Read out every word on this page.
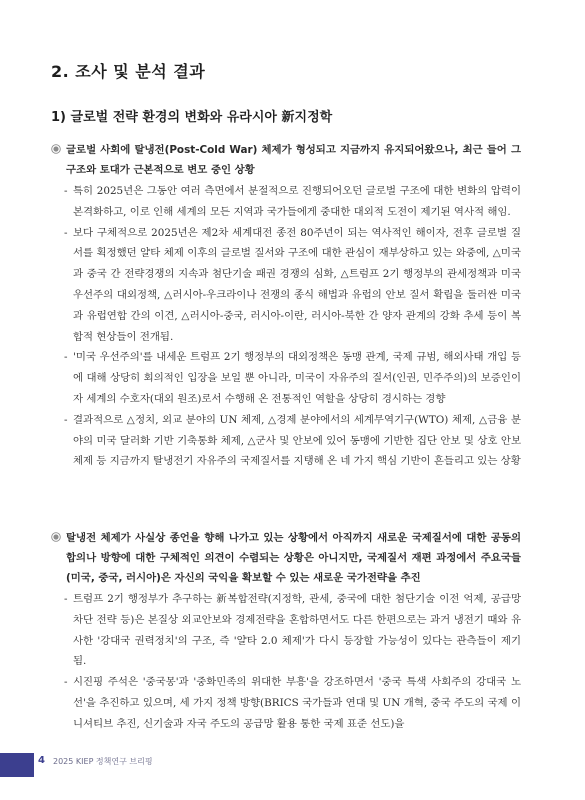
2. 조사 및 분석 결과
1) 글로벌 전략 환경의 변화와 유라시아 新지정학
글로벌 사회에 탈냉전(Post-Cold War) 체제가 형성되고 지금까지 유지되어왔으나, 최근 들어 그 구조와 토대가 근본적으로 변모 중인 상황
- 특히 2025년은 그동안 여러 측면에서 분절적으로 진행되어오던 글로벌 구조에 대한 변화의 압력이 본격화하고, 이로 인해 세계의 모든 지역과 국가들에게 중대한 대외적 도전이 제기된 역사적 해임.
- 보다 구체적으로 2025년은 제2차 세계대전 종전 80주년이 되는 역사적인 해이자, 전후 글로벌 질서를 획정했던 얄타 체제 이후의 글로벌 질서와 구조에 대한 관심이 재부상하고 있는 와중에, △미국과 중국 간 전략경쟁의 지속과 첨단기술 패권 경쟁의 심화, △트럼프 2기 행정부의 관세정책과 미국 우선주의 대외정책, △러시아-우크라이나 전쟁의 종식 해법과 유럽의 안보 질서 확립을 둘러싼 미국과 유럽연합 간의 이견, △러시아-중국, 러시아-이란, 러시아-북한 간 양자 관계의 강화 추세 등이 복합적 현상들이 전개됨.
- '미국 우선주의'를 내세운 트럼프 2기 행정부의 대외정책은 동맹 관계, 국제 규범, 해외사태 개입 등에 대해 상당히 회의적인 입장을 보일 뿐 아니라, 미국이 자유주의 질서(인권, 민주주의)의 보증인이자 세계의 수호자(대외 원조)로서 수행해 온 전통적인 역할을 상당히 경시하는 경향
- 결과적으로 △정치, 외교 분야의 UN 체제, △경제 분야에서의 세계무역기구(WTO) 체제, △금융 분야의 미국 달러화 기반 기축통화 체제, △군사 및 안보에 있어 동맹에 기반한 집단 안보 및 상호 안보 체제 등 지금까지 탈냉전기 자유주의 국제질서를 지탱해 온 네 가지 핵심 기반이 흔들리고 있는 상황
탈냉전 체제가 사실상 종언을 향해 나가고 있는 상황에서 아직까지 새로운 국제질서에 대한 공동의 합의나 방향에 대한 구체적인 의견이 수렴되는 상황은 아니지만, 국제질서 재편 과정에서 주요국들(미국, 중국, 러시아)은 자신의 국익을 확보할 수 있는 새로운 국가전략을 추진
- 트럼프 2기 행정부가 추구하는 新복합전략(지정학, 관세, 중국에 대한 첨단기술 이전 억제, 공급망 차단 전략 등)은 본질상 외교안보와 경제전략을 혼합하면서도 다른 한편으로는 과거 냉전기 때와 유사한 '강대국 권력정치'의 구조, 즉 '얄타 2.0 체제'가 다시 등장할 가능성이 있다는 관측들이 제기됨.
- 시진핑 주석은 '중국몽'과 '중화민족의 위대한 부흥'을 강조하면서 '중국 특색 사회주의 강대국 노선'을 추진하고 있으며, 세 가지 정책 방향(BRICS 국가들과 연대 및 UN 개혁, 중국 주도의 국제 이니셔티브 추진, 신기술과 자국 주도의 공급망 활용 통한 국제 표준 선도)을
4 2025 KIEP 정책연구 브리핑
